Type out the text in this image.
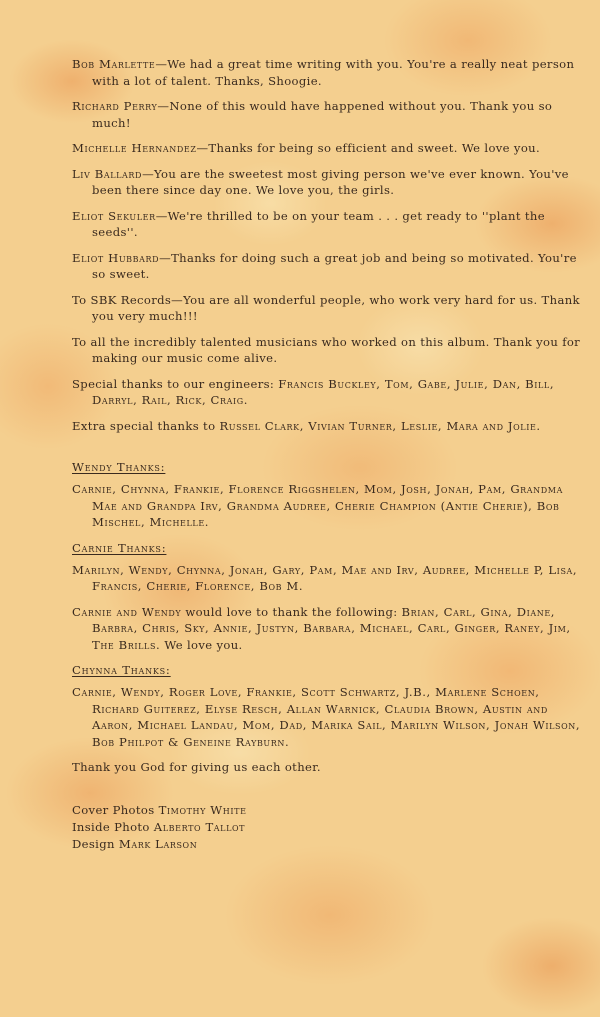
Bob Marlette—We had a great time writing with you. You're a really neat person with a lot of talent. Thanks, Shoogie.

Richard Perry—None of this would have happened without you. Thank you so much!

Michelle Hernandez—Thanks for being so efficient and sweet. We love you.

Liv Ballard—You are the sweetest most giving person we've ever known. You've been there since day one. We love you, the girls.

Eliot Sekuler—We're thrilled to be on your team . . . get ready to ''plant the seeds''.

Eliot Hubbard—Thanks for doing such a great job and being so motivated. You're so sweet.

To SBK Records—You are all wonderful people, who work very hard for us. Thank you very much!!!

To all the incredibly talented musicians who worked on this album. Thank you for making our music come alive.

Special thanks to our engineers: Francis Buckley, Tom, Gabe, Julie, Dan, Bill, Darryl, Rail, Rick, Craig.

Extra special thanks to Russel Clark, Vivian Turner, Leslie, Mara and Jolie.

Wendy Thanks:

Carnie, Chynna, Frankie, Florence Riggshelen, Mom, Josh, Jonah, Pam, Grandma Mae and Grandpa Irv, Grandma Audree, Cherie Champion (Antie Cherie), Bob Mischel, Michelle.

Carnie Thanks:

Marilyn, Wendy, Chynna, Jonah, Gary, Pam, Mae and Irv, Audree, Michelle P, Lisa, Francis, Cherie, Florence, Bob M.

Carnie and Wendy would love to thank the following: Brian, Carl, Gina, Diane, Barbra, Chris, Sky, Annie, Justyn, Barbara, Michael, Carl, Ginger, Raney, Jim, The Brills. We love you.

Chynna Thanks:

Carnie, Wendy, Roger Love, Frankie, Scott Schwartz, J.B., Marlene Schoen, Richard Guiterez, Elyse Resch, Allan Warnick, Claudia Brown, Austin and Aaron, Michael Landau, Mom, Dad, Marika Sail, Marilyn Wilson, Jonah Wilson, Bob Philpot & Geneine Rayburn.

Thank you God for giving us each other.

Cover Photos Timothy White
Inside Photo Alberto Tallot
Design Mark Larson
